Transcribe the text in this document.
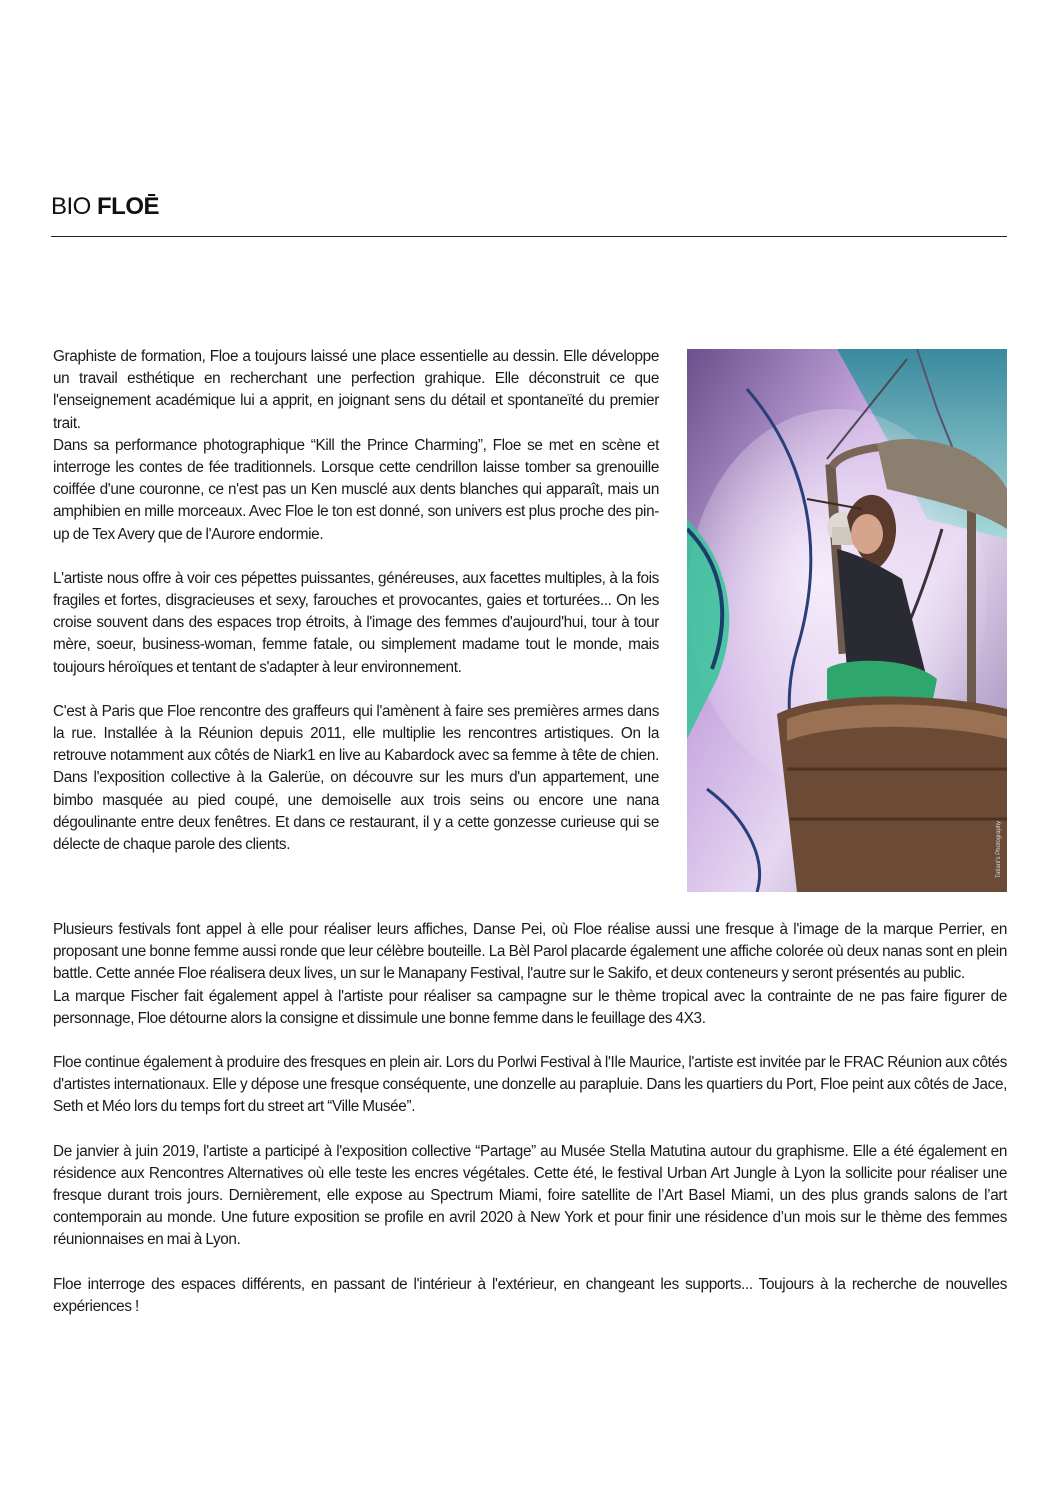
BIO FLOĒ

Graphiste de formation, Floe a toujours laissé une place essentielle au dessin. Elle développe un travail esthétique en recherchant une perfection grahique. Elle déconstruit ce que l'enseignement académique lui a apprit, en joignant sens du détail et spontaneïté du premier trait.

Dans sa performance photographique “Kill the Prince Charming”, Floe se met en scène et interroge les contes de fée traditionnels. Lorsque cette cendrillon laisse tomber sa grenouille coiffée d'une couronne, ce n'est pas un Ken musclé aux dents blanches qui apparaît, mais un amphibien en mille morceaux. Avec Floe le ton est donné, son univers est plus proche des pin-up de Tex Avery que de l'Aurore endormie.

L'artiste nous offre à voir ces pépettes puissantes, généreuses, aux facettes multiples, à la fois fragiles et fortes, disgracieuses et sexy, farouches et provocantes, gaies et torturées... On les croise souvent dans des espaces trop étroits, à l'image des femmes d'aujourd'hui, tour à tour mère, soeur, business-woman, femme fatale, ou simplement madame tout le monde, mais toujours héroïques et tentant de s'adapter à leur environnement.

C'est à Paris que Floe rencontre des graffeurs qui l'amènent à faire ses premières armes dans la rue. Installée à la Réunion depuis 2011, elle multiplie les rencontres artistiques. On la retrouve notamment aux côtés de Niark1 en live au Kabardock avec sa femme à tête de chien. Dans l'exposition collective à la Galerüe, on découvre sur les murs d'un appartement, une bimbo masquée au pied coupé, une demoiselle aux trois seins ou encore une nana dégoulinante entre deux fenêtres. Et dans ce restaurant, il y a cette gonzesse curieuse qui se délecte de chaque parole des clients.	Tatiani's Photography

Plusieurs festivals font appel à elle pour réaliser leurs affiches, Danse Pei, où Floe réalise aussi une fresque à l'image de la marque Perrier, en proposant une bonne femme aussi ronde que leur célèbre bouteille. La Bèl Parol placarde également une affiche colorée où deux nanas sont en plein battle. Cette année Floe réalisera deux lives, un sur le Manapany Festival, l'autre sur le Sakifo, et deux conteneurs y seront présentés au public.

La marque Fischer fait également appel à l'artiste pour réaliser sa campagne sur le thème tropical avec la contrainte de ne pas faire figurer de personnage, Floe détourne alors la consigne et dissimule une bonne femme dans le feuillage des 4X3.

Floe continue également à produire des fresques en plein air. Lors du Porlwi Festival à l'Ile Maurice, l'artiste est invitée par le FRAC Réunion aux côtés d'artistes internationaux. Elle y dépose une fresque conséquente, une donzelle au parapluie. Dans les quartiers du Port, Floe peint aux côtés de Jace, Seth et Méo lors du temps fort du street art “Ville Musée”.

De janvier à juin 2019, l'artiste a participé à l'exposition collective “Partage” au Musée Stella Matutina autour du graphisme. Elle a été également en résidence aux Rencontres Alternatives où elle teste les encres végétales. Cette été, le festival Urban Art Jungle à Lyon la sollicite pour réaliser une fresque durant trois jours. Dernièrement, elle expose au Spectrum Miami, foire satellite de l’Art Basel Miami, un des plus grands salons de l’art contemporain au monde. Une future exposition se profile en avril 2020 à New York et pour finir une résidence d’un mois sur le thème des femmes réunionnaises en mai à Lyon.

Floe interroge des espaces différents, en passant de l'intérieur à l'extérieur, en changeant les supports... Toujours à la recherche de nouvelles expériences !
